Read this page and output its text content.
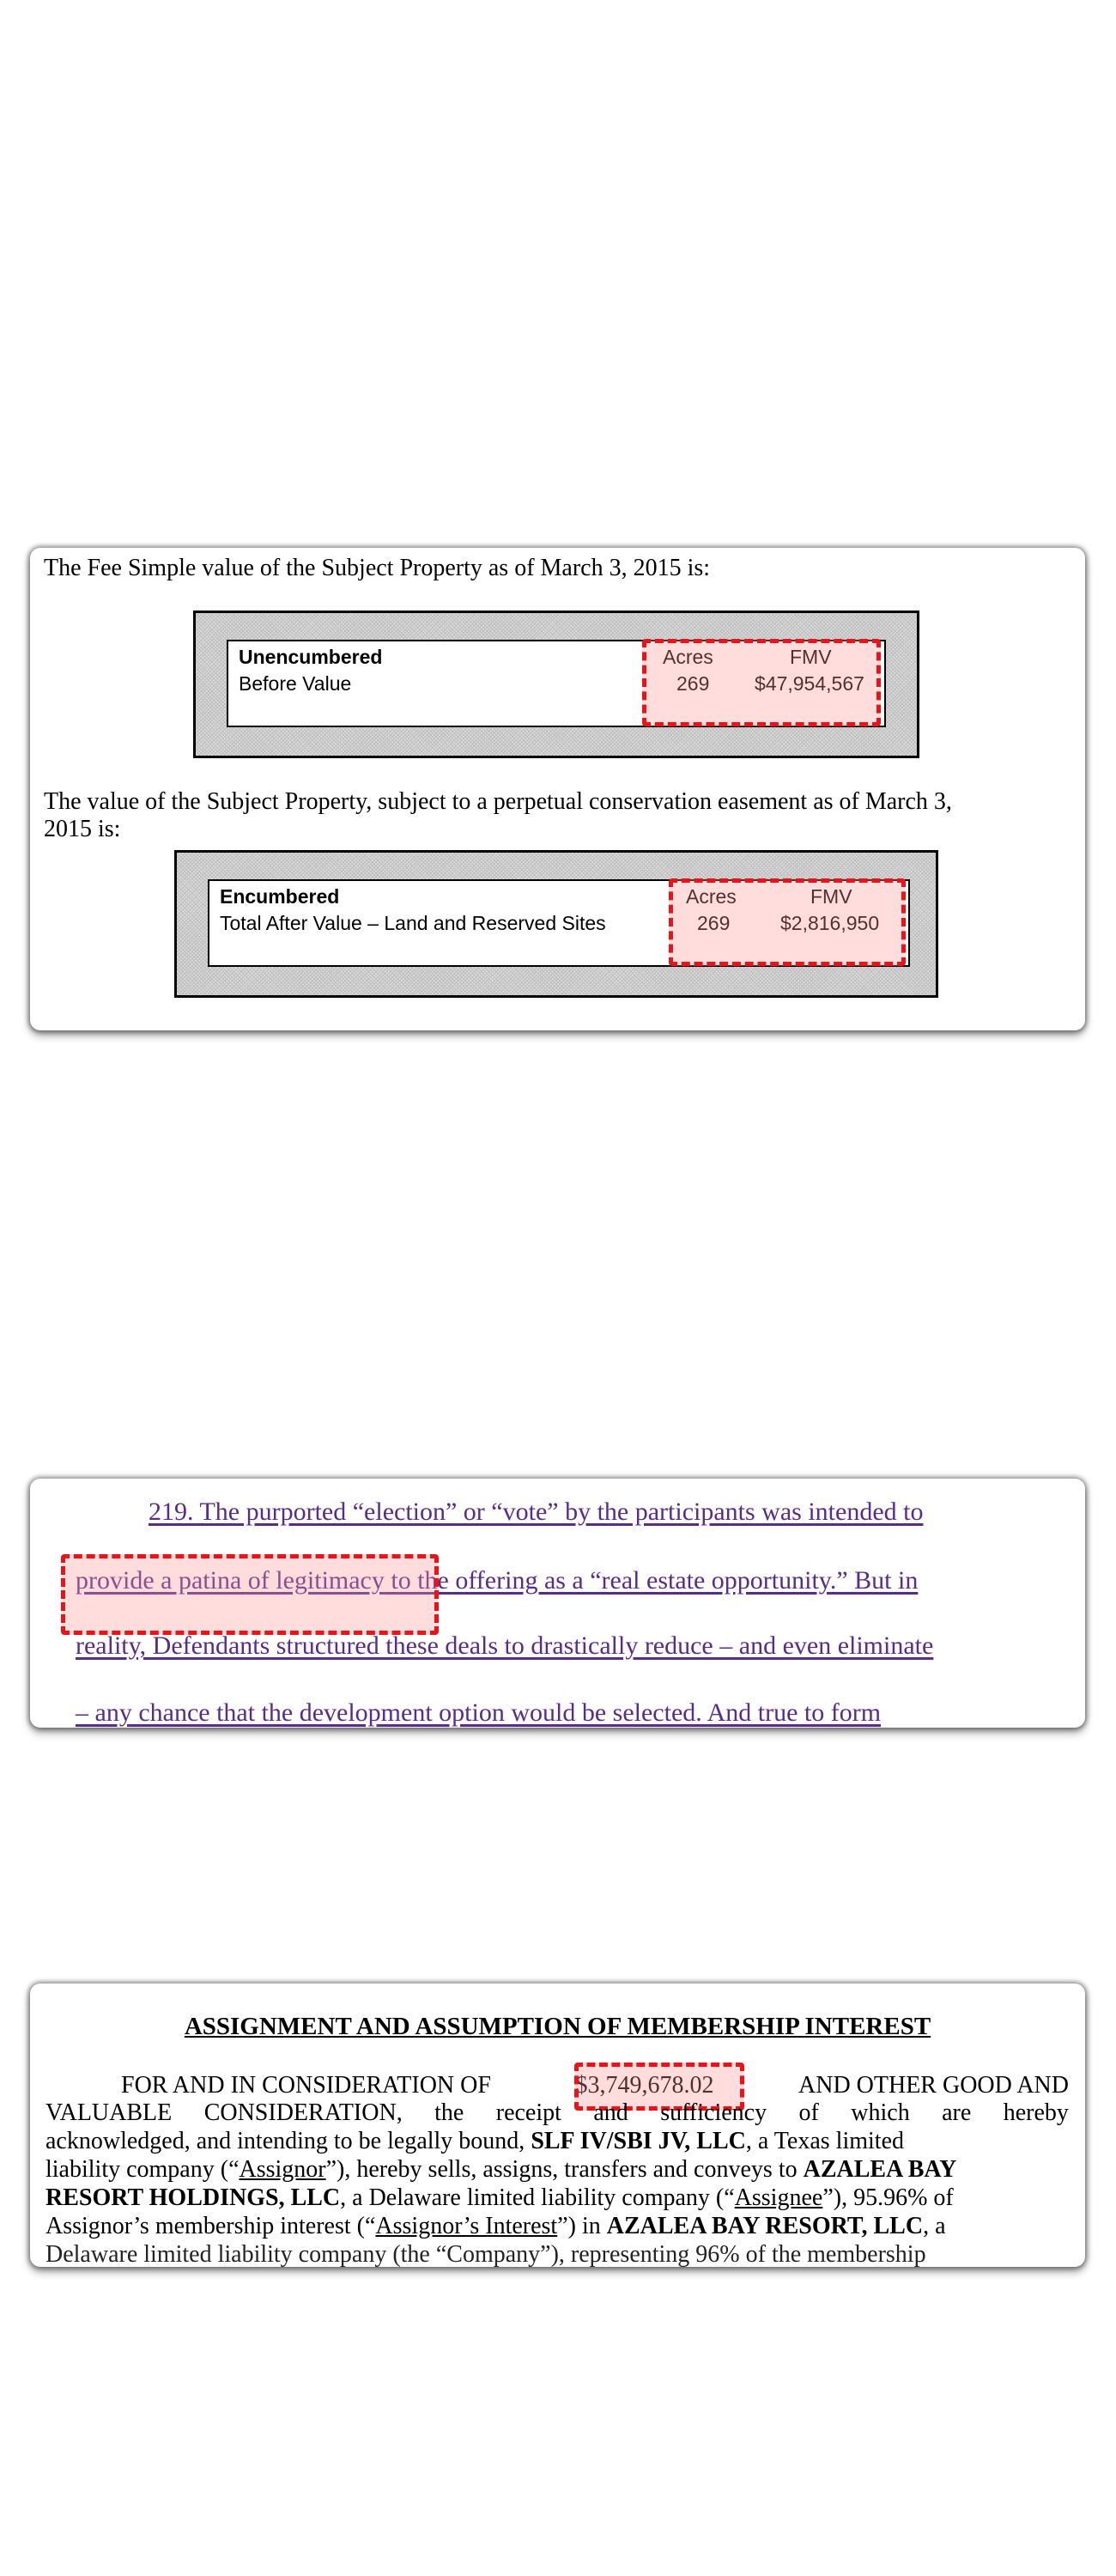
The Fee Simple value of the Subject Property as of March 3, 2015 is:
Unencumbered
Before Value
Acres	FMV
269 $47,954,567
The value of the Subject Property, subject to a perpetual conservation easement as of March 3,
2015 is:
Encumbered
Total After Value – Land and Reserved Sites
Acres	FMV
269	$2,816,950
219. The purported “election” or “vote” by the participants was intended to
provide a patina of legitimacy to the offering as a “real estate opportunity.” But in
reality, Defendants structured these deals to drastically reduce – and even eliminate
– any chance that the development option would be selected. And true to form
ASSIGNMENT AND ASSUMPTION OF MEMBERSHIP INTEREST
FOR AND IN CONSIDERATION OF	$3,749,678.02	AND OTHER GOOD AND
VALUABLE CONSIDERATION, the receipt and sufficiency of which are hereby
acknowledged, and intending to be legally bound, SLF IV/SBI JV, LLC, a Texas limited
liability company (“Assignor”), hereby sells, assigns, transfers and conveys to AZALEA BAY
RESORT HOLDINGS, LLC, a Delaware limited liability company (“Assignee”), 95.96% of
Assignor’s membership interest (“Assignor’s Interest”) in AZALEA BAY RESORT, LLC, a
Delaware limited liability company (the “Company”), representing 96% of the membership
